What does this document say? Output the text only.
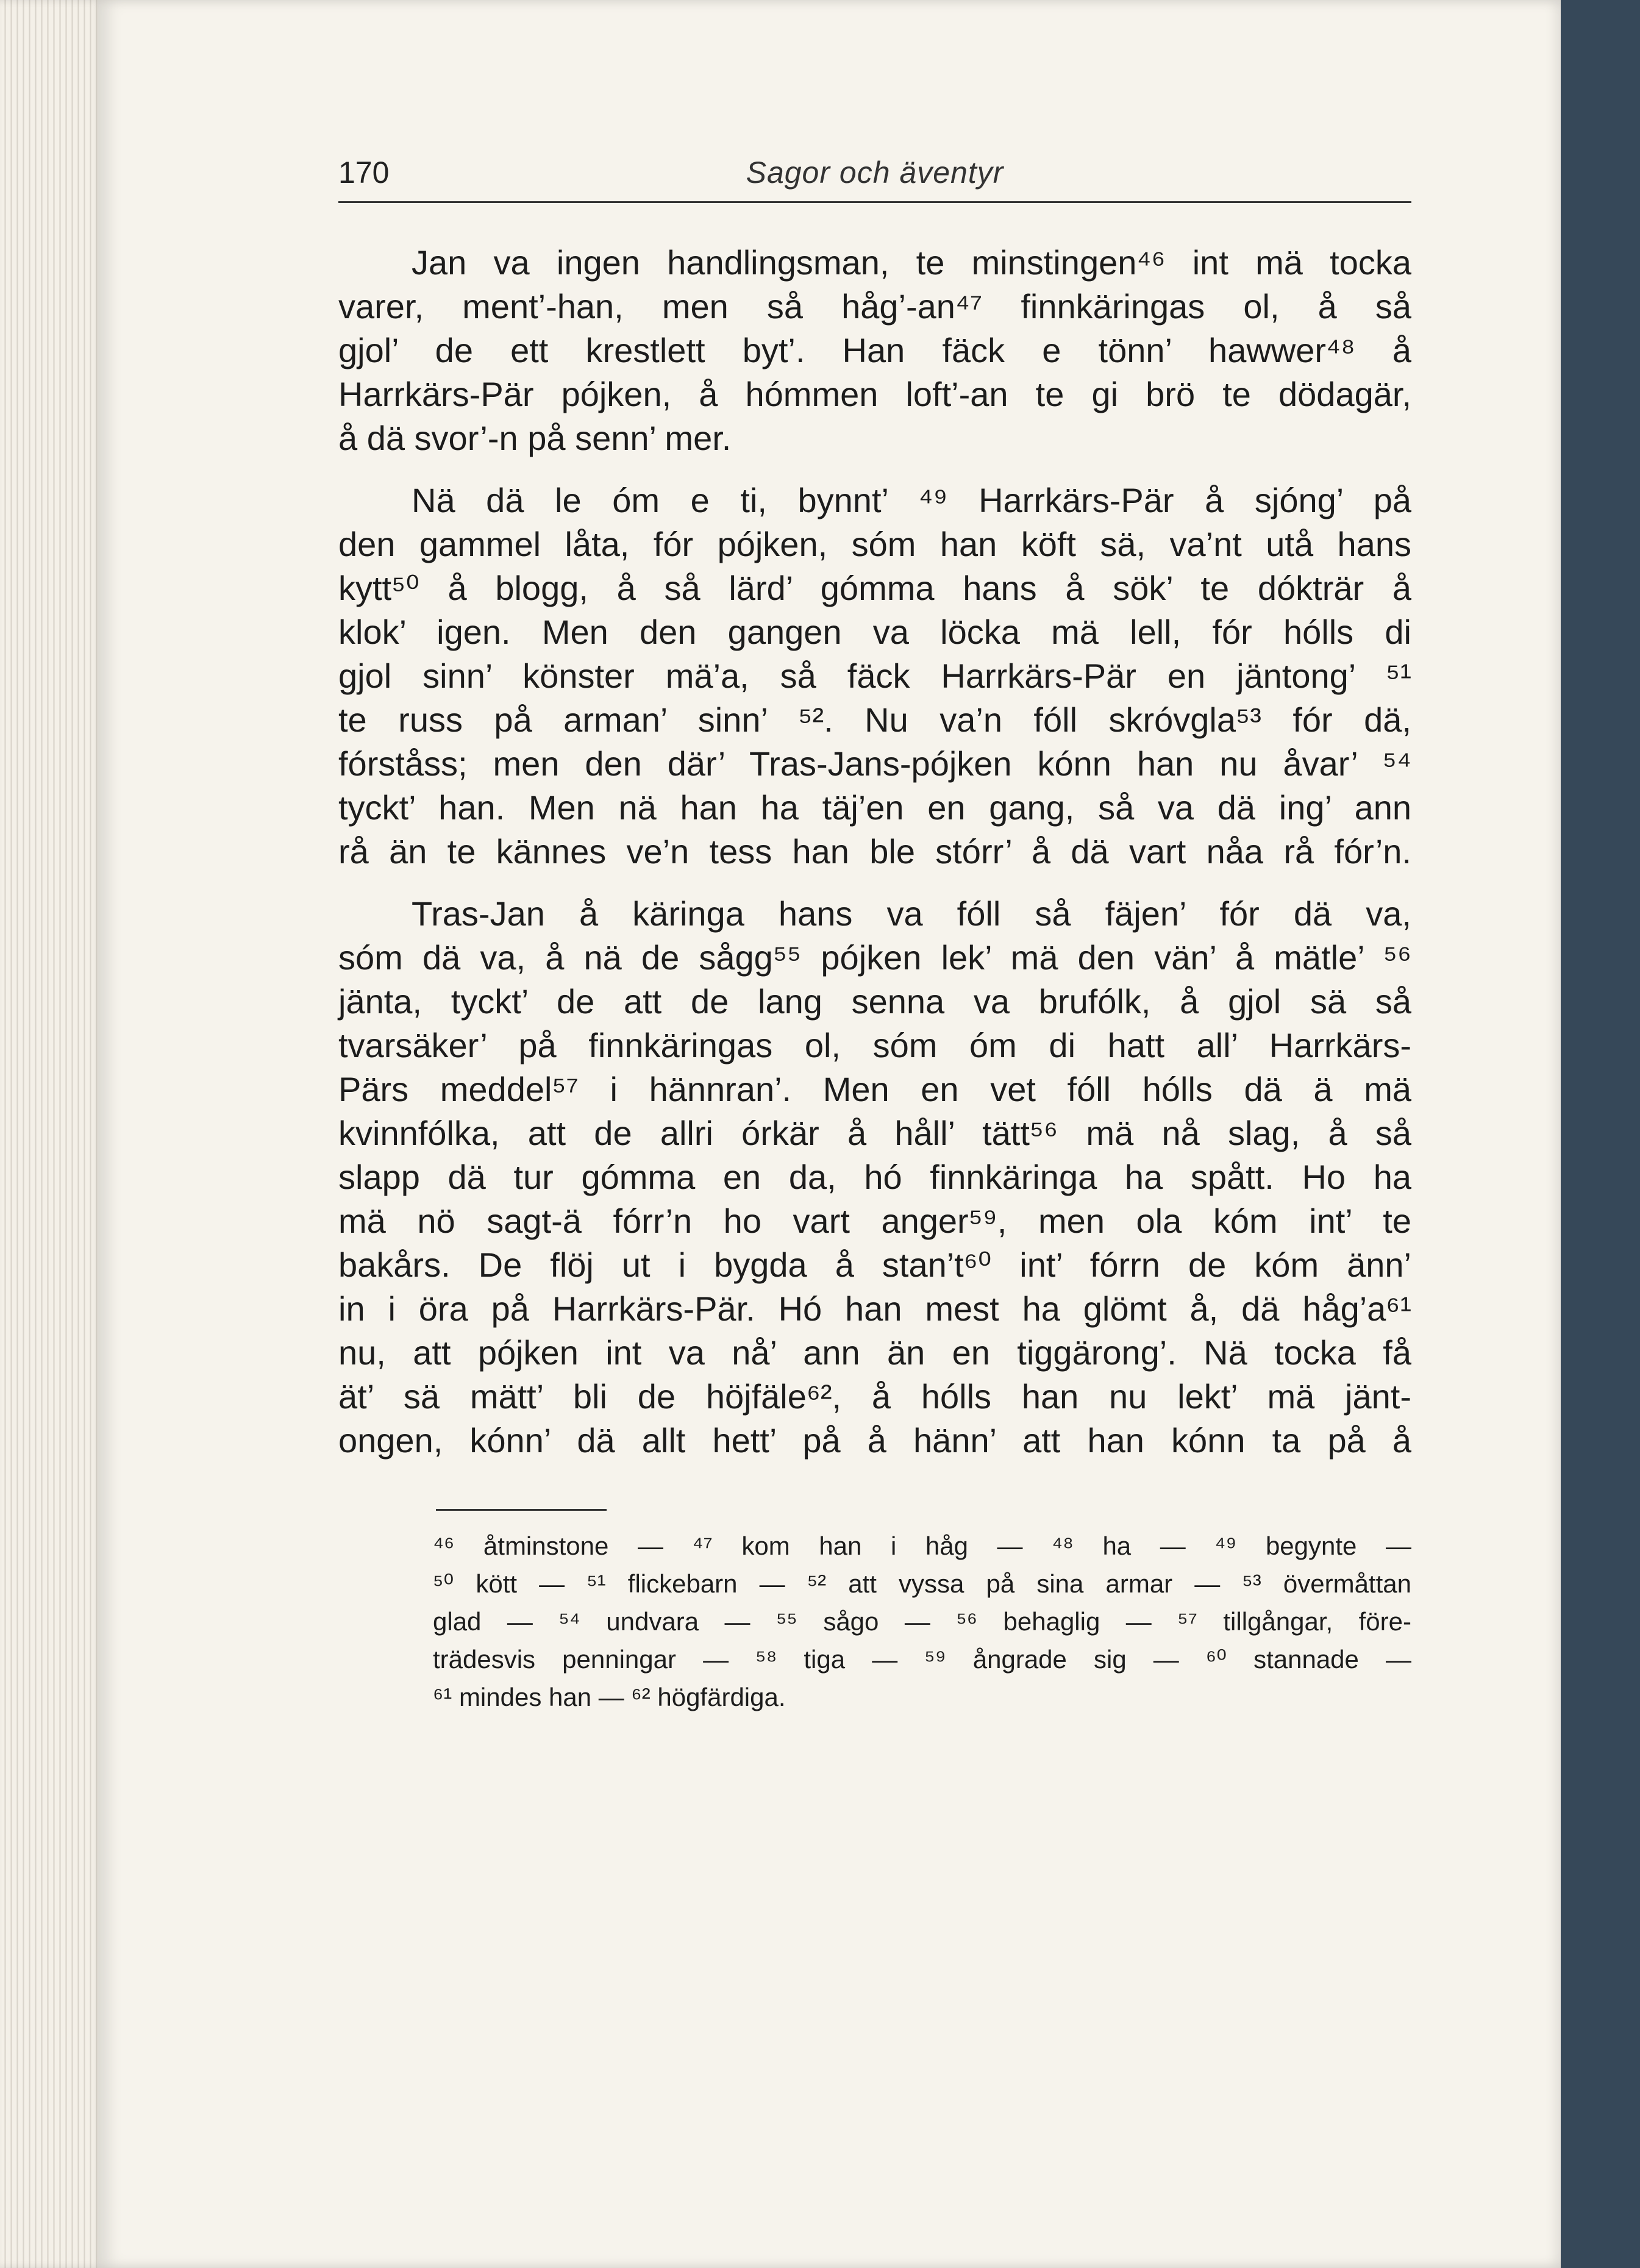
170	Sagor och äventyr
Jan va ingen handlingsman, te minstingen⁴⁶ int mä tocka
varer, ment’-han, men så håg’-an⁴⁷ finnkäringas ol, å så
gjol’ de ett krestlett byt’. Han fäck e tönn’ hawwer⁴⁸ å
Harrkärs-Pär pójken, å hómmen loft’-an te gi brö te dödagär,
å dä svor’-n på senn’ mer.
Nä dä le óm e ti, bynnt’ ⁴⁹ Harrkärs-Pär å sjóng’ på
den gammel låta, fór pójken, sóm han köft sä, va’nt utå hans
kytt⁵⁰ å blogg, å så lärd’ gómma hans å sök’ te dókträr å
klok’ igen. Men den gangen va löcka mä lell, fór hólls di
gjol sinn’ könster mä’a, så fäck Harrkärs-Pär en jäntong’ ⁵¹
te russ på arman’ sinn’ ⁵². Nu va’n fóll skróvgla⁵³ fór dä,
fórståss; men den där’ Tras-Jans-pójken kónn han nu åvar’ ⁵⁴
tyckt’ han. Men nä han ha täj’en en gang, så va dä ing’ ann
rå än te kännes ve’n tess han ble stórr’ å dä vart nåa rå fór’n.
Tras-Jan å käringa hans va fóll så fäjen’ fór dä va,
sóm dä va, å nä de sågg⁵⁵ pójken lek’ mä den vän’ å mätle’ ⁵⁶
jänta, tyckt’ de att de lang senna va brufólk, å gjol sä så
tvarsäker’ på finnkäringas ol, sóm óm di hatt all’ Harrkärs-
Pärs meddel⁵⁷ i hännran’. Men en vet fóll hólls dä ä mä
kvinnfólka, att de allri órkär å håll’ tätt⁵⁶ mä nå slag, å så
slapp dä tur gómma en da, hó finnkäringa ha spått. Ho ha
mä nö sagt-ä fórr’n ho vart anger⁵⁹, men ola kóm int’ te
bakårs. De flöj ut i bygda å stan’t⁶⁰ int’ fórrn de kóm änn’
in i öra på Harrkärs-Pär. Hó han mest ha glömt å, dä håg’a⁶¹
nu, att pójken int va nå’ ann än en tiggärong’. Nä tocka få
ät’ sä mätt’ bli de höjfäle⁶², å hólls han nu lekt’ mä jänt-
ongen, kónn’ dä allt hett’ på å hänn’ att han kónn ta på å
⁴⁶ åtminstone — ⁴⁷ kom han i håg — ⁴⁸ ha — ⁴⁹ begynte —
⁵⁰ kött — ⁵¹ flickebarn — ⁵² att vyssa på sina armar — ⁵³ övermåttan
glad — ⁵⁴ undvara — ⁵⁵ sågo — ⁵⁶ behaglig — ⁵⁷ tillgångar, före-
trädesvis penningar — ⁵⁸ tiga — ⁵⁹ ångrade sig — ⁶⁰ stannade —
⁶¹ mindes han — ⁶² högfärdiga.
